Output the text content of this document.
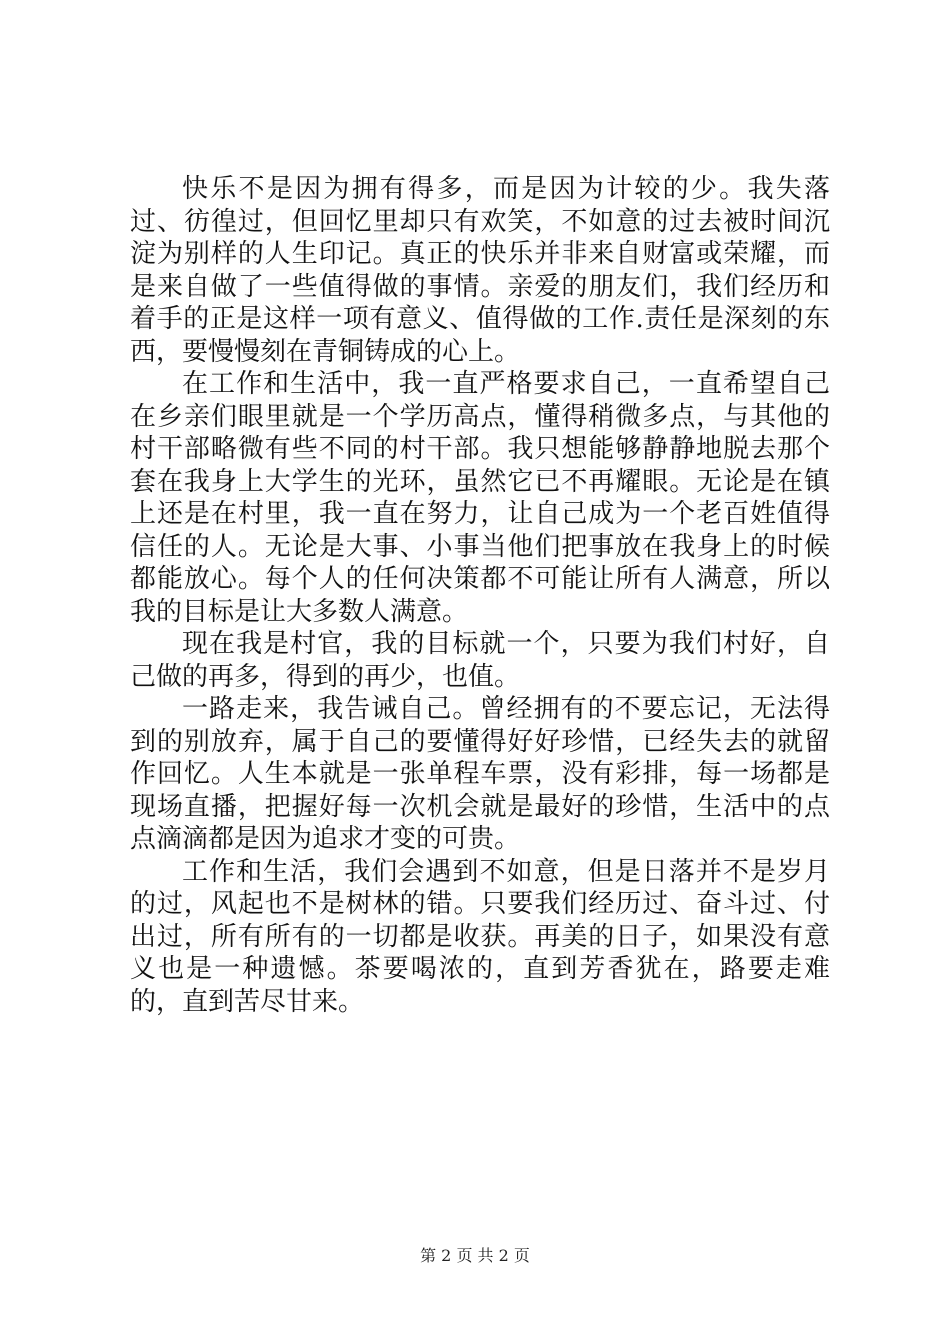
快乐不是因为拥有得多，而是因为计较的少。我失落过、彷徨过，但回忆里却只有欢笑，不如意的过去被时间沉淀为别样的人生印记。真正的快乐并非来自财富或荣耀，而是来自做了一些值得做的事情。亲爱的朋友们，我们经历和着手的正是这样一项有意义、值得做的工作.责任是深刻的东西，要慢慢刻在青铜铸成的心上。

在工作和生活中，我一直严格要求自己，一直希望自己在乡亲们眼里就是一个学历高点，懂得稍微多点，与其他的村干部略微有些不同的村干部。我只想能够静静地脱去那个套在我身上大学生的光环，虽然它已不再耀眼。无论是在镇上还是在村里，我一直在努力，让自己成为一个老百姓值得信任的人。无论是大事、小事当他们把事放在我身上的时候都能放心。每个人的任何决策都不可能让所有人满意，所以我的目标是让大多数人满意。

现在我是村官，我的目标就一个，只要为我们村好，自己做的再多，得到的再少，也值。

一路走来，我告诫自己。曾经拥有的不要忘记，无法得到的别放弃，属于自己的要懂得好好珍惜，已经失去的就留作回忆。人生本就是一张单程车票，没有彩排，每一场都是现场直播，把握好每一次机会就是最好的珍惜，生活中的点点滴滴都是因为追求才变的可贵。

工作和生活，我们会遇到不如意，但是日落并不是岁月的过，风起也不是树林的错。只要我们经历过、奋斗过、付出过，所有所有的一切都是收获。再美的日子，如果没有意义也是一种遗憾。茶要喝浓的，直到芳香犹在，路要走难的，直到苦尽甘来。

第 2 页 共 2 页
